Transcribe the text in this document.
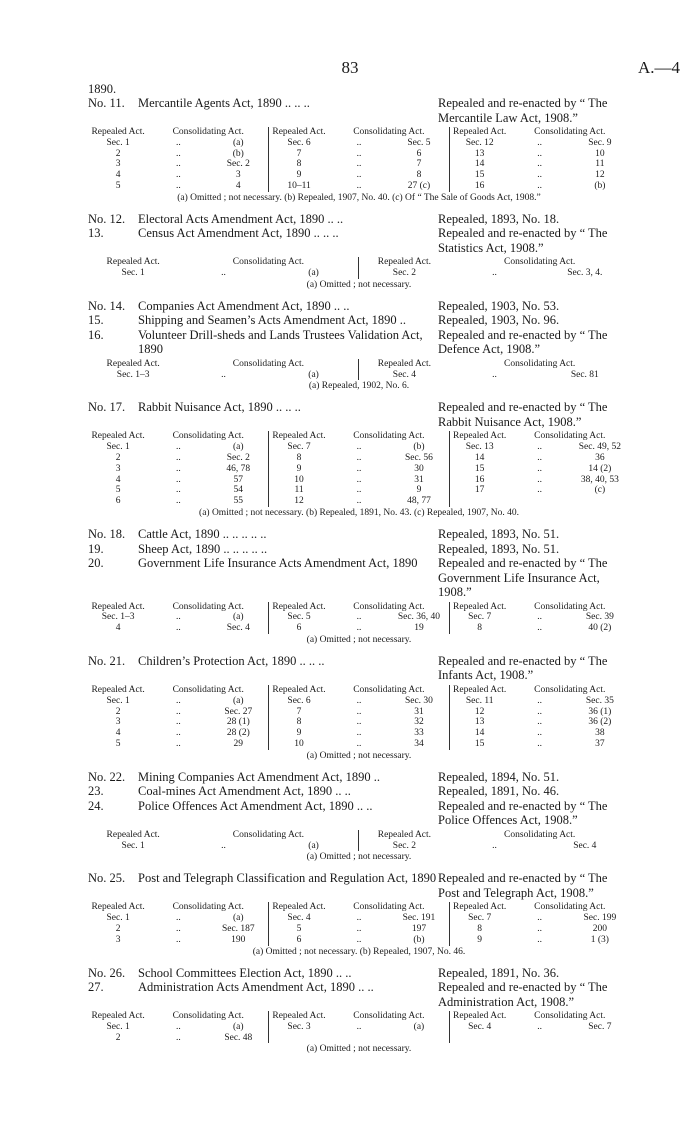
83	A.—4

1890.

No. 11.	Mercantile Agents Act, 1890 .. .. ..	Repealed and re-enacted by “ The Mercantile Law Act, 1908.”
Repealed Act.	Consolidating Act.		Repealed Act.	Consolidating Act.		Repealed Act.	Consolidating Act.	
Sec. 1	..	(a)	Sec. 6	..	Sec. 5	Sec. 12	..	Sec. 9
2	..	(b)	7	..	6	13	..	10
3	..	Sec. 2	8	..	7	14	..	11
4	..	3	9	..	8	15	..	12
5	..	4	10–11	..	27 (c)	16	..	(b)
(a) Omitted ; not necessary. (b) Repealed, 1907, No. 40. (c) Of “ The Sale of Goods Act, 1908.”
No. 12.	Electoral Acts Amendment Act, 1890 .. ..	Repealed, 1893, No. 18.
13.	Census Act Amendment Act, 1890 .. .. ..	Repealed and re-enacted by “ The Statistics Act, 1908.”
Repealed Act.	Consolidating Act.		Repealed Act.	Consolidating Act.	
Sec. 1	..	(a)	Sec. 2	..	Sec. 3, 4.
(a) Omitted ; not necessary.
No. 14.	Companies Act Amendment Act, 1890 .. ..	Repealed, 1903, No. 53.
15.	Shipping and Seamen’s Acts Amendment Act, 1890 ..	Repealed, 1903, No. 96.
16.	Volunteer Drill-sheds and Lands Trustees Validation Act, 1890
Repealed and re-enacted by “ The Defence Act, 1908.”
Repealed Act.	Consolidating Act.		Repealed Act.	Consolidating Act.	
Sec. 1–3	..	(a)	Sec. 4	..	Sec. 81
(a) Repealed, 1902, No. 6.
No. 17.	Rabbit Nuisance Act, 1890 .. .. ..	Repealed and re-enacted by “ The Rabbit Nuisance Act, 1908.”
Repealed Act.	Consolidating Act.		Repealed Act.	Consolidating Act.		Repealed Act.	Consolidating Act.	
Sec. 1	..	(a)	Sec. 7	..	(b)	Sec. 13	..	Sec. 49, 52
2	..	Sec. 2	8	..	Sec. 56	14	..	36
3	..	46, 78	9	..	30	15	..	14 (2)
4	..	57	10	..	31	16	..	38, 40, 53
5	..	54	11	..	9	17	..	(c)
6	..	55	12	..	48, 77			
(a) Omitted ; not necessary. (b) Repealed, 1891, No. 43. (c) Repealed, 1907, No. 40.
No. 18.	Cattle Act, 1890 .. .. .. .. ..	Repealed, 1893, No. 51.
19.	Sheep Act, 1890 .. .. .. .. ..	Repealed, 1893, No. 51.
20.	Government Life Insurance Acts Amendment Act, 1890	Repealed and re-enacted by “ The Government Life Insurance Act, 1908.”
Repealed Act.	Consolidating Act.		Repealed Act.	Consolidating Act.		Repealed Act.	Consolidating Act.	
Sec. 1–3	..	(a)	Sec. 5	..	Sec. 36, 40	Sec. 7	..	Sec. 39
4	..	Sec. 4	6	..	19	8	..	40 (2)
(a) Omitted ; not necessary.
No. 21.	Children’s Protection Act, 1890 .. .. ..	Repealed and re-enacted by “ The Infants Act, 1908.”
Repealed Act.	Consolidating Act.		Repealed Act.	Consolidating Act.		Repealed Act.	Consolidating Act.	
Sec. 1	..	(a)	Sec. 6	..	Sec. 30	Sec. 11	..	Sec. 35
2	..	Sec. 27	7	..	31	12	..	36 (1)
3	..	28 (1)	8	..	32	13	..	36 (2)
4	..	28 (2)	9	..	33	14	..	38
5	..	29	10	..	34	15	..	37
(a) Omitted ; not necessary.
No. 22.	Mining Companies Act Amendment Act, 1890 ..	Repealed, 1894, No. 51.
23.	Coal-mines Act Amendment Act, 1890 .. ..	Repealed, 1891, No. 46.
24.	Police Offences Act Amendment Act, 1890 .. ..	Repealed and re-enacted by “ The Police Offences Act, 1908.”
Repealed Act.	Consolidating Act.		Repealed Act.	Consolidating Act.	
Sec. 1	..	(a)	Sec. 2	..	Sec. 4
(a) Omitted ; not necessary.
No. 25.	Post and Telegraph Classification and Regulation Act, 1890 Repealed and re-enacted by “ The Post and Telegraph Act, 1908.”
Repealed Act.	Consolidating Act.		Repealed Act.	Consolidating Act.		Repealed Act.	Consolidating Act.	
Sec. 1	..	(a)	Sec. 4	..	Sec. 191	Sec. 7	..	Sec. 199
2	..	Sec. 187	5	..	197	8	..	200
3	..	190	6	..	(b)	9	..	1 (3)
(a) Omitted ; not necessary. (b) Repealed, 1907, No. 46.
No. 26.	School Committees Election Act, 1890 .. ..	Repealed, 1891, No. 36.
27.	Administration Acts Amendment Act, 1890 .. ..	Repealed and re-enacted by “ The Administration Act, 1908.”
Repealed Act.	Consolidating Act.		Repealed Act.	Consolidating Act.		Repealed Act.	Consolidating Act.	
Sec. 1	..	(a)	Sec. 3	..	(a)	Sec. 4	..	Sec. 7
2	..	Sec. 48						
(a) Omitted ; not necessary.
